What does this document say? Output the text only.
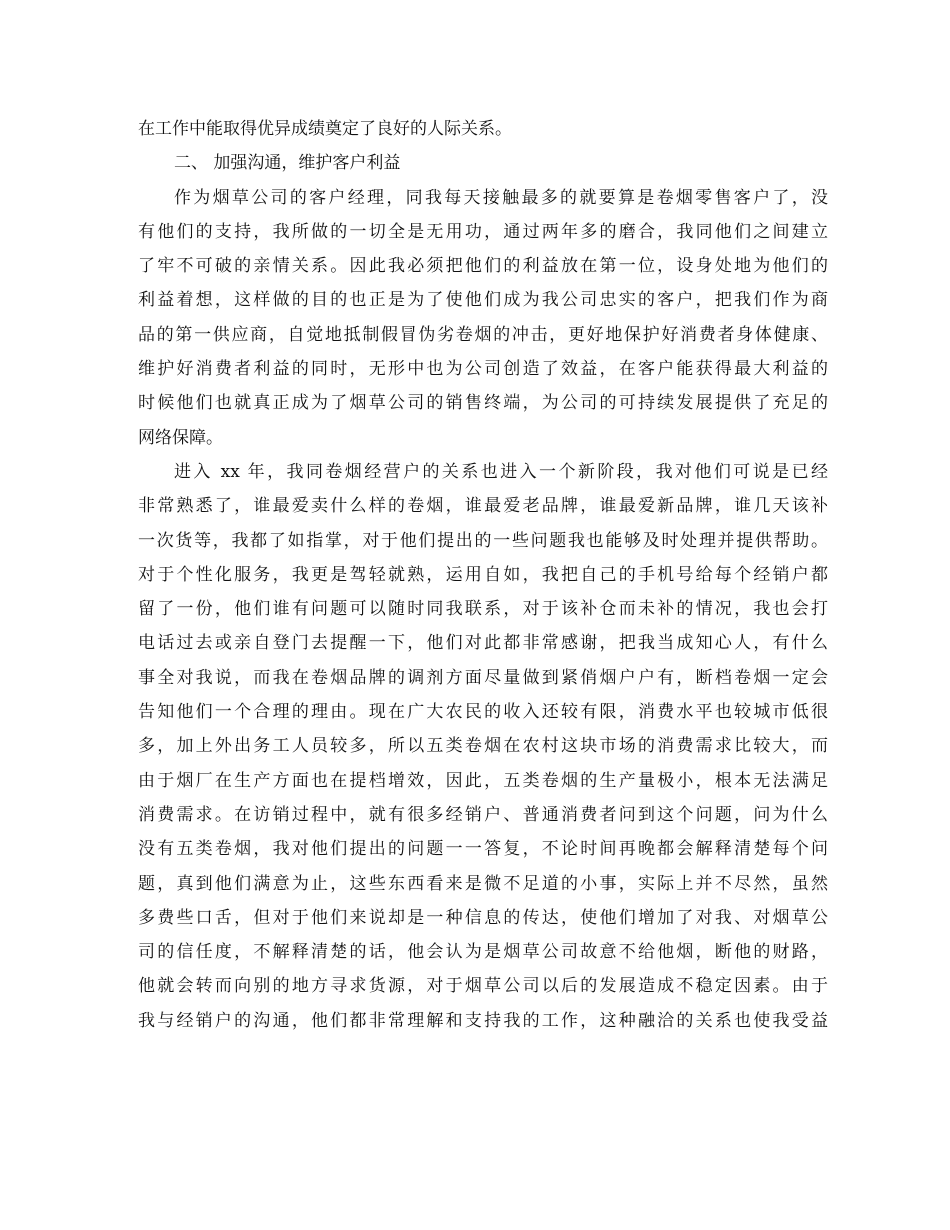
在工作中能取得优异成绩奠定了良好的人际关系。
二、 加强沟通，维护客户利益
作为烟草公司的客户经理，同我每天接触最多的就要算是卷烟零售客户了，没
有他们的支持，我所做的一切全是无用功，通过两年多的磨合，我同他们之间建立
了牢不可破的亲情关系。因此我必须把他们的利益放在第一位，设身处地为他们的
利益着想，这样做的目的也正是为了使他们成为我公司忠实的客户，把我们作为商
品的第一供应商，自觉地抵制假冒伪劣卷烟的冲击，更好地保护好消费者身体健康、
维护好消费者利益的同时，无形中也为公司创造了效益，在客户能获得最大利益的
时候他们也就真正成为了烟草公司的销售终端，为公司的可持续发展提供了充足的
网络保障。
进入 xx 年，我同卷烟经营户的关系也进入一个新阶段，我对他们可说是已经
非常熟悉了，谁最爱卖什么样的卷烟，谁最爱老品牌，谁最爱新品牌，谁几天该补
一次货等，我都了如指掌，对于他们提出的一些问题我也能够及时处理并提供帮助。
对于个性化服务，我更是驾轻就熟，运用自如，我把自己的手机号给每个经销户都
留了一份，他们谁有问题可以随时同我联系，对于该补仓而未补的情况，我也会打
电话过去或亲自登门去提醒一下，他们对此都非常感谢，把我当成知心人，有什么
事全对我说，而我在卷烟品牌的调剂方面尽量做到紧俏烟户户有，断档卷烟一定会
告知他们一个合理的理由。现在广大农民的收入还较有限，消费水平也较城市低很
多，加上外出务工人员较多，所以五类卷烟在农村这块市场的消费需求比较大，而
由于烟厂在生产方面也在提档增效，因此，五类卷烟的生产量极小，根本无法满足
消费需求。在访销过程中，就有很多经销户、普通消费者问到这个问题，问为什么
没有五类卷烟，我对他们提出的问题一一答复，不论时间再晚都会解释清楚每个问
题，真到他们满意为止，这些东西看来是微不足道的小事，实际上并不尽然，虽然
多费些口舌，但对于他们来说却是一种信息的传达，使他们增加了对我、对烟草公
司的信任度，不解释清楚的话，他会认为是烟草公司故意不给他烟，断他的财路，
他就会转而向别的地方寻求货源，对于烟草公司以后的发展造成不稳定因素。由于
我与经销户的沟通，他们都非常理解和支持我的工作，这种融洽的关系也使我受益
